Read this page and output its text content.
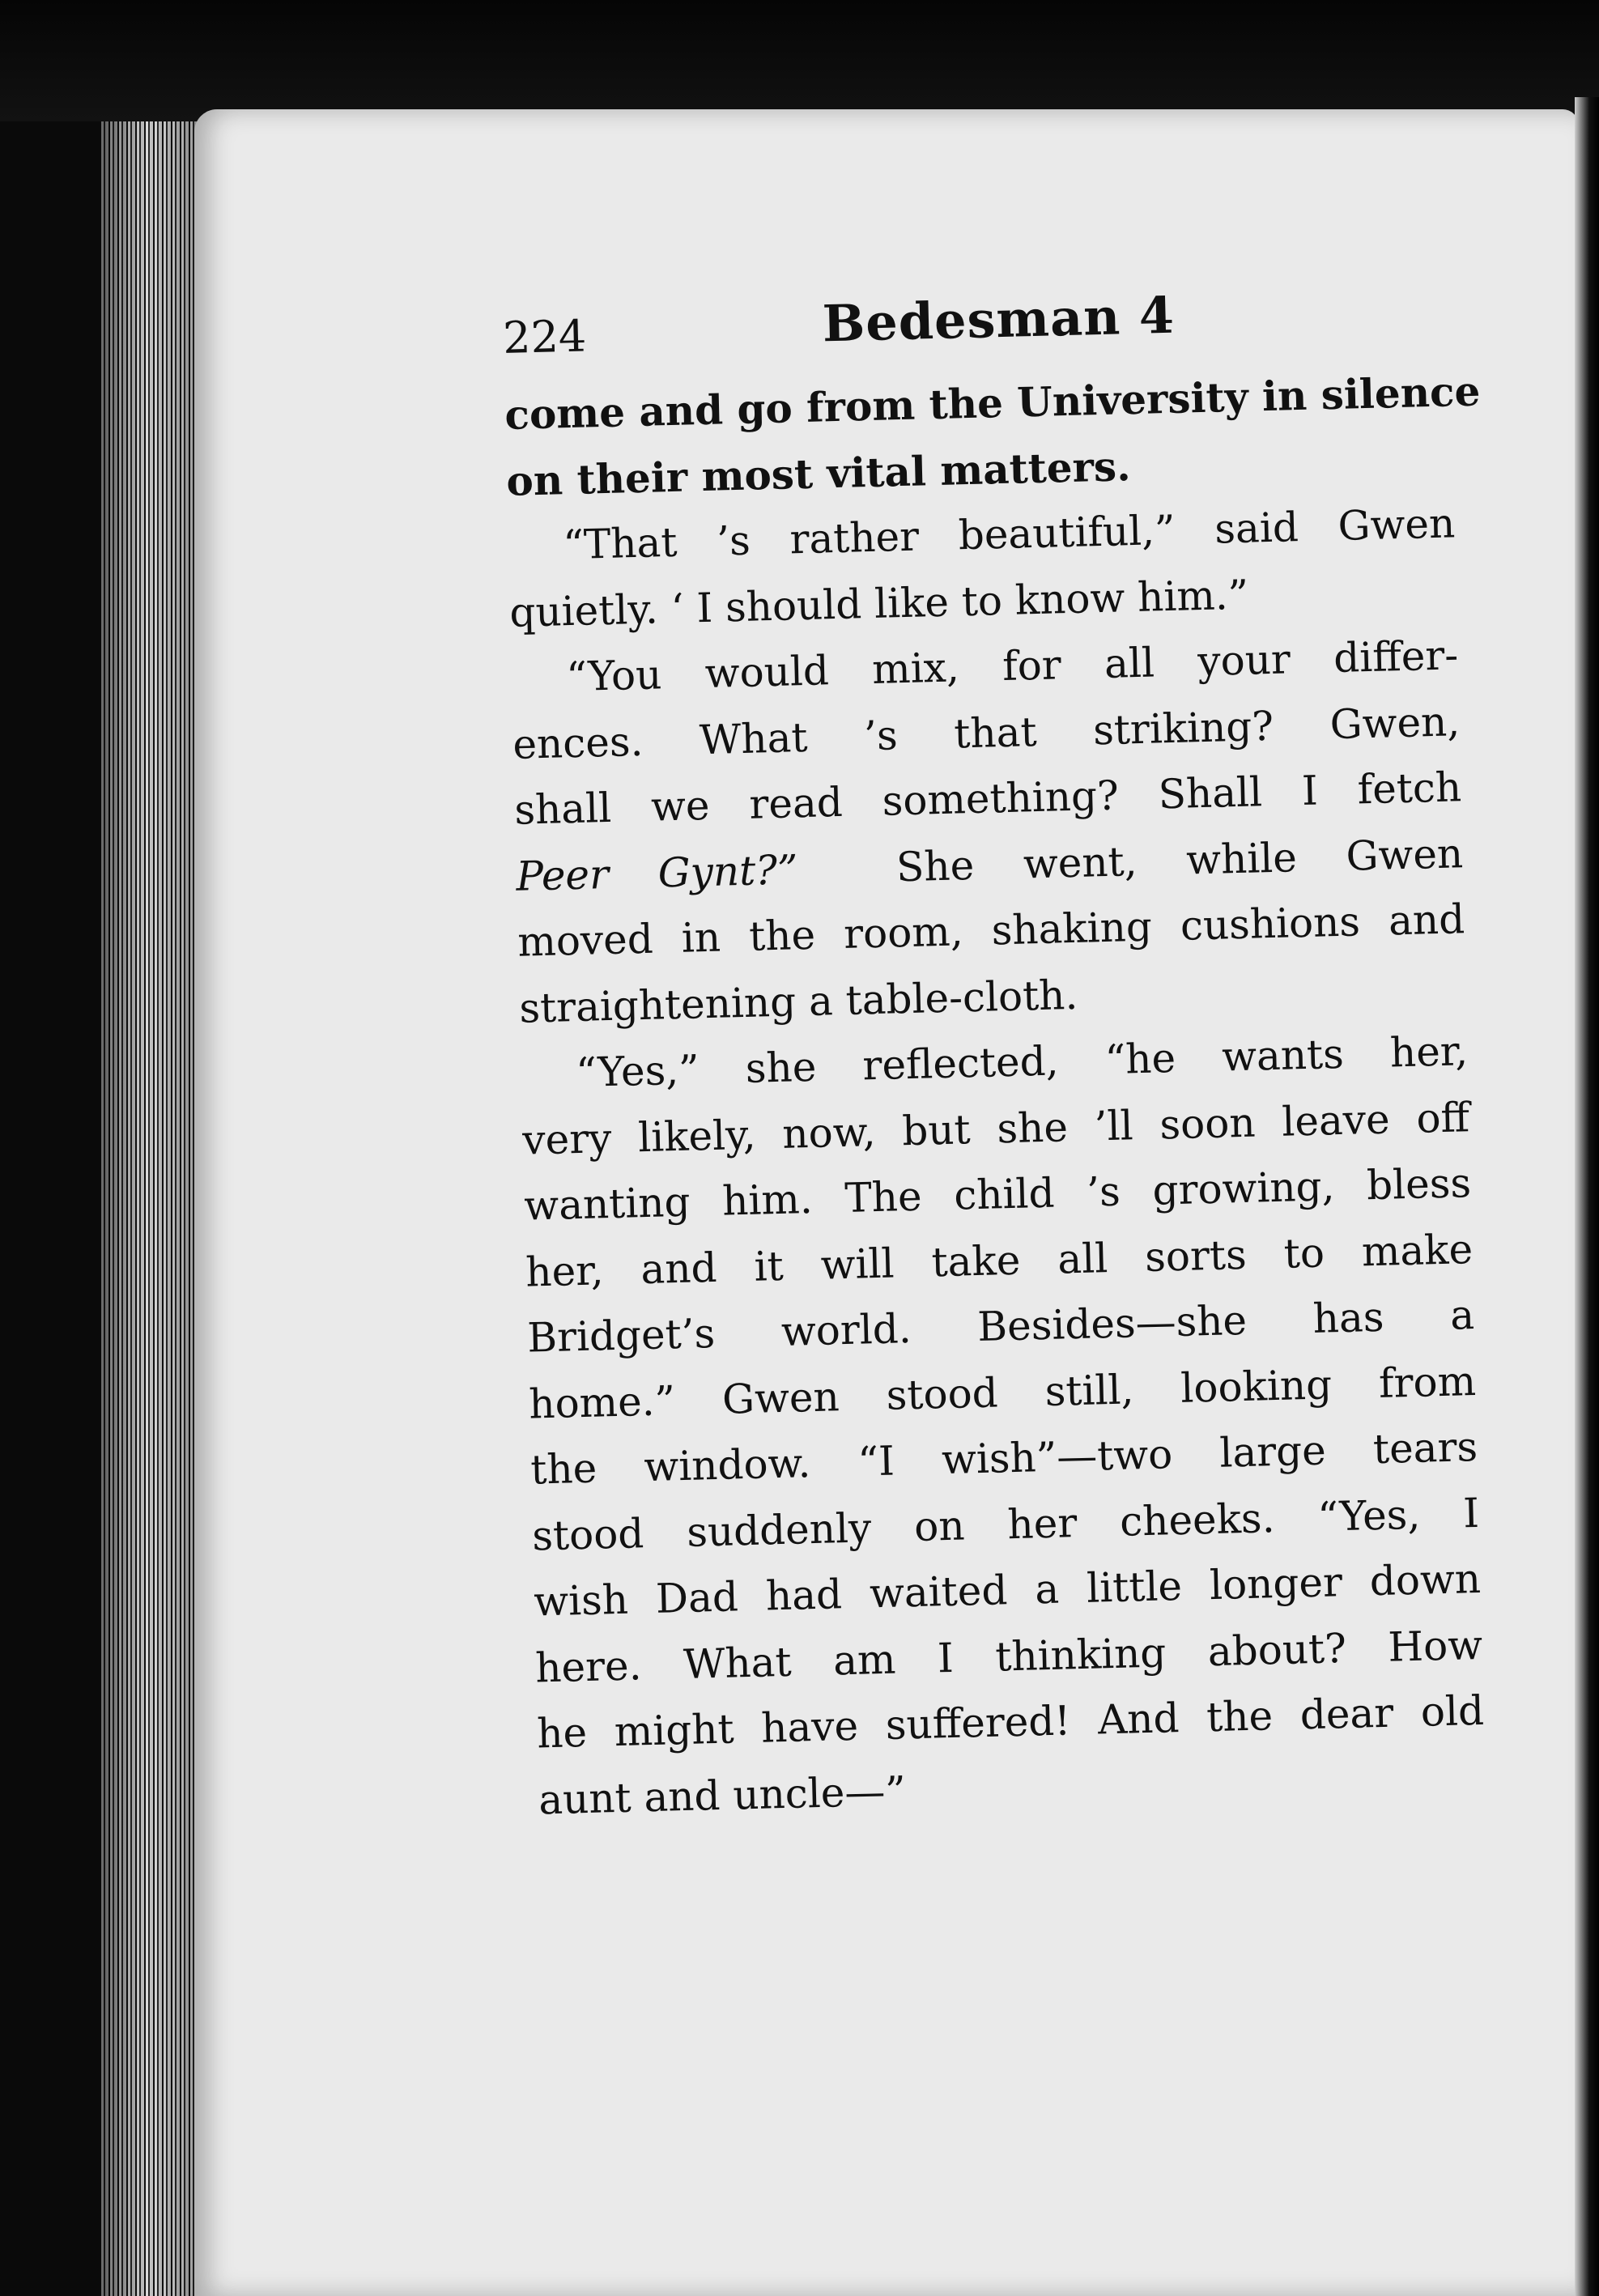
224	Bedesman 4
come and go from the University in silence
on their most vital matters.
“That ’s rather beautiful,” said Gwen
quietly. ‘ I should like to know him.”
“You would mix, for all your differ-
ences. What ’s that striking? Gwen,
shall we read something? Shall I fetch
Peer Gynt?” She went, while Gwen
moved in the room, shaking cushions and
straightening a table-cloth.
“Yes,” she reflected, “he wants her,
very likely, now, but she ’ll soon leave off
wanting him. The child ’s growing, bless
her, and it will take all sorts to make
Bridget’s world. Besides—she has a
home.” Gwen stood still, looking from
the window. “I wish”—two large tears
stood suddenly on her cheeks. “Yes, I
wish Dad had waited a little longer down
here. What am I thinking about? How
he might have suffered! And the dear old
aunt and uncle—”
